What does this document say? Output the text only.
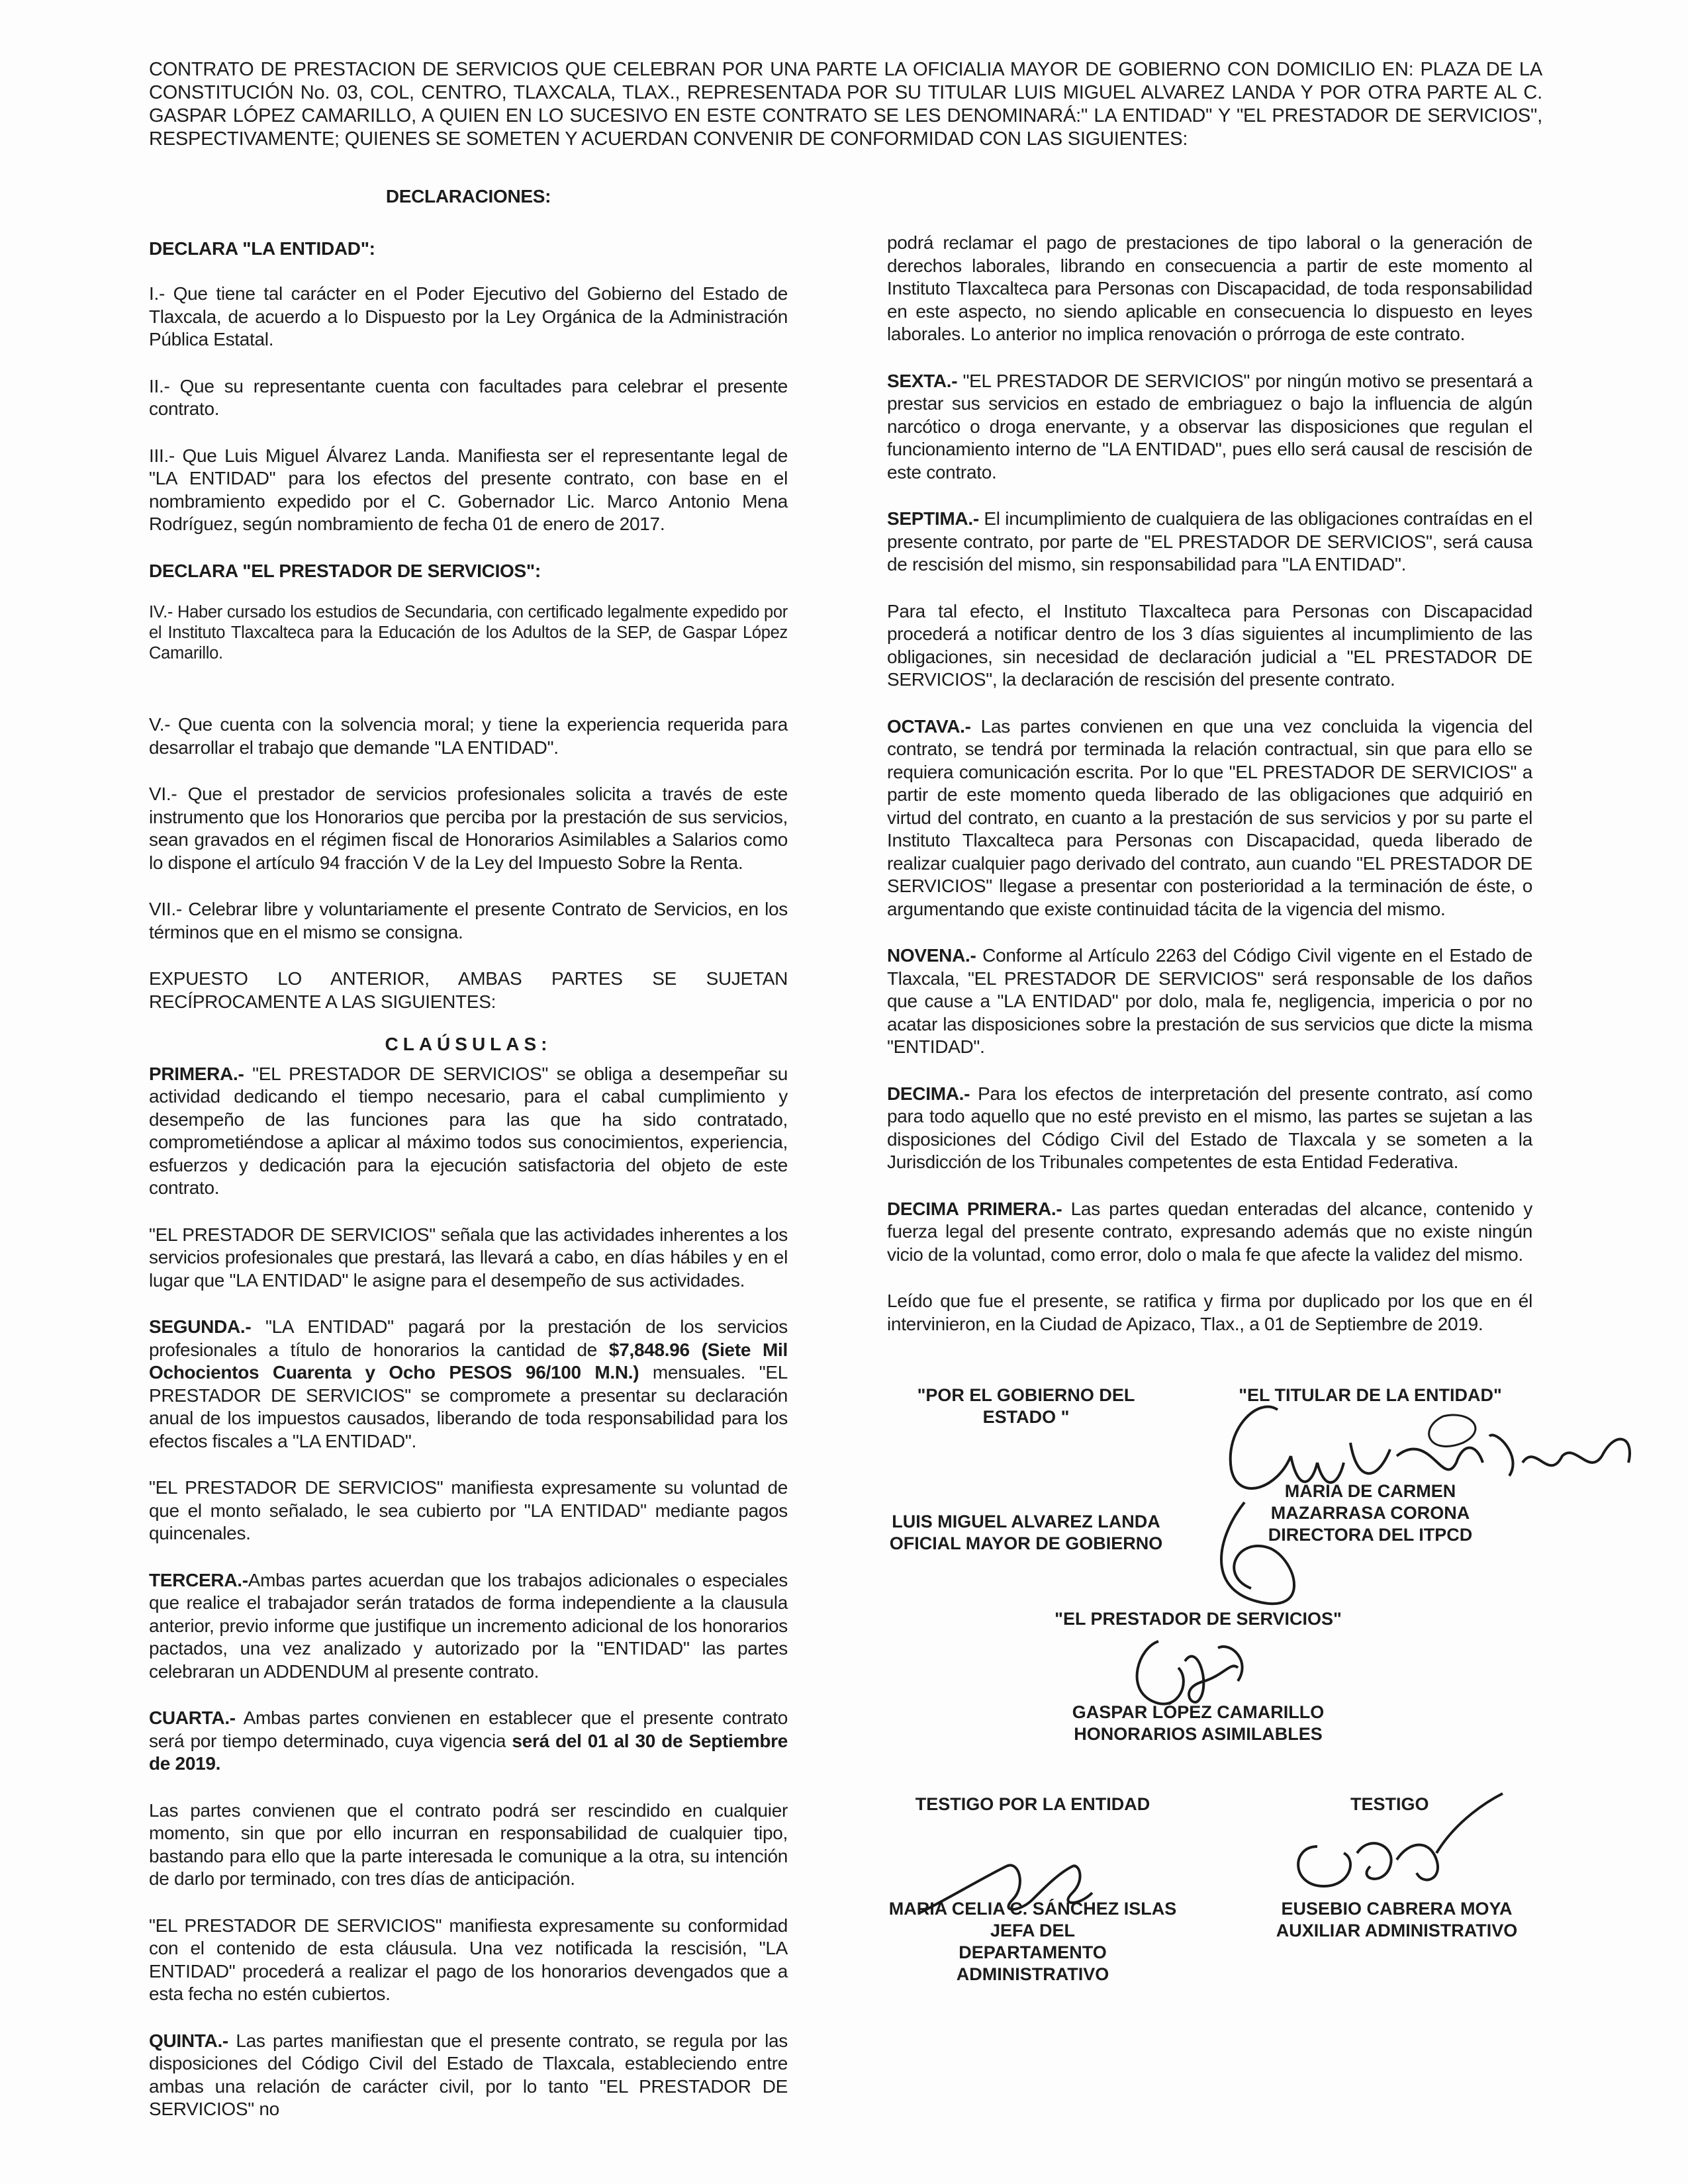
CONTRATO DE PRESTACION DE SERVICIOS QUE CELEBRAN POR UNA PARTE LA OFICIALIA MAYOR DE GOBIERNO CON DOMICILIO EN: PLAZA DE LA CONSTITUCIÓN No. 03, COL, CENTRO, TLAXCALA, TLAX., REPRESENTADA POR SU TITULAR LUIS MIGUEL ALVAREZ LANDA Y POR OTRA PARTE AL C. GASPAR LÓPEZ CAMARILLO, A QUIEN EN LO SUCESIVO EN ESTE CONTRATO SE LES DENOMINARÁ:" LA ENTIDAD" Y "EL PRESTADOR DE SERVICIOS", RESPECTIVAMENTE; QUIENES SE SOMETEN Y ACUERDAN CONVENIR DE CONFORMIDAD CON LAS SIGUIENTES:

DECLARACIONES:

DECLARA "LA ENTIDAD":

I.- Que tiene tal carácter en el Poder Ejecutivo del Gobierno del Estado de Tlaxcala, de acuerdo a lo Dispuesto por la Ley Orgánica de la Administración Pública Estatal.

II.- Que su representante cuenta con facultades para celebrar el presente contrato.

III.- Que Luis Miguel Álvarez Landa. Manifiesta ser el representante legal de "LA ENTIDAD" para los efectos del presente contrato, con base en el nombramiento expedido por el C. Gobernador Lic. Marco Antonio Mena Rodríguez, según nombramiento de fecha 01 de enero de 2017.

DECLARA "EL PRESTADOR DE SERVICIOS":

IV.- Haber cursado los estudios de Secundaria, con certificado legalmente expedido por el Instituto Tlaxcalteca para la Educación de los Adultos de la SEP, de Gaspar López Camarillo.

V.- Que cuenta con la solvencia moral; y tiene la experiencia requerida para desarrollar el trabajo que demande "LA ENTIDAD".

VI.- Que el prestador de servicios profesionales solicita a través de este instrumento que los Honorarios que perciba por la prestación de sus servicios, sean gravados en el régimen fiscal de Honorarios Asimilables a Salarios como lo dispone el artículo 94 fracción V de la Ley del Impuesto Sobre la Renta.

VII.- Celebrar libre y voluntariamente el presente Contrato de Servicios, en los términos que en el mismo se consigna.

EXPUESTO LO ANTERIOR, AMBAS PARTES SE SUJETAN RECÍPROCAMENTE A LAS SIGUIENTES:

CLAÚSULAS:

PRIMERA.- "EL PRESTADOR DE SERVICIOS" se obliga a desempeñar su actividad dedicando el tiempo necesario, para el cabal cumplimiento y desempeño de las funciones para las que ha sido contratado, comprometiéndose a aplicar al máximo todos sus conocimientos, experiencia, esfuerzos y dedicación para la ejecución satisfactoria del objeto de este contrato.

"EL PRESTADOR DE SERVICIOS" señala que las actividades inherentes a los servicios profesionales que prestará, las llevará a cabo, en días hábiles y en el lugar que "LA ENTIDAD" le asigne para el desempeño de sus actividades.

SEGUNDA.- "LA ENTIDAD" pagará por la prestación de los servicios profesionales a título de honorarios la cantidad de $7,848.96 (Siete Mil Ochocientos Cuarenta y Ocho PESOS 96/100 M.N.) mensuales. "EL PRESTADOR DE SERVICIOS" se compromete a presentar su declaración anual de los impuestos causados, liberando de toda responsabilidad para los efectos fiscales a "LA ENTIDAD".

"EL PRESTADOR DE SERVICIOS" manifiesta expresamente su voluntad de que el monto señalado, le sea cubierto por "LA ENTIDAD" mediante pagos quincenales.

TERCERA.-Ambas partes acuerdan que los trabajos adicionales o especiales que realice el trabajador serán tratados de forma independiente a la clausula anterior, previo informe que justifique un incremento adicional de los honorarios pactados, una vez analizado y autorizado por la "ENTIDAD" las partes celebraran un ADDENDUM al presente contrato.

CUARTA.- Ambas partes convienen en establecer que el presente contrato será por tiempo determinado, cuya vigencia será del 01 al 30 de Septiembre de 2019.

Las partes convienen que el contrato podrá ser rescindido en cualquier momento, sin que por ello incurran en responsabilidad de cualquier tipo, bastando para ello que la parte interesada le comunique a la otra, su intención de darlo por terminado, con tres días de anticipación.

"EL PRESTADOR DE SERVICIOS" manifiesta expresamente su conformidad con el contenido de esta cláusula. Una vez notificada la rescisión, "LA ENTIDAD" procederá a realizar el pago de los honorarios devengados que a esta fecha no estén cubiertos.

QUINTA.- Las partes manifiestan que el presente contrato, se regula por las disposiciones del Código Civil del Estado de Tlaxcala, estableciendo entre ambas una relación de carácter civil, por lo tanto "EL PRESTADOR DE SERVICIOS" no

podrá reclamar el pago de prestaciones de tipo laboral o la generación de derechos laborales, librando en consecuencia a partir de este momento al Instituto Tlaxcalteca para Personas con Discapacidad, de toda responsabilidad en este aspecto, no siendo aplicable en consecuencia lo dispuesto en leyes laborales. Lo anterior no implica renovación o prórroga de este contrato.

SEXTA.- "EL PRESTADOR DE SERVICIOS" por ningún motivo se presentará a prestar sus servicios en estado de embriaguez o bajo la influencia de algún narcótico o droga enervante, y a observar las disposiciones que regulan el funcionamiento interno de "LA ENTIDAD", pues ello será causal de rescisión de este contrato.

SEPTIMA.- El incumplimiento de cualquiera de las obligaciones contraídas en el presente contrato, por parte de "EL PRESTADOR DE SERVICIOS", será causa de rescisión del mismo, sin responsabilidad para "LA ENTIDAD".

Para tal efecto, el Instituto Tlaxcalteca para Personas con Discapacidad procederá a notificar dentro de los 3 días siguientes al incumplimiento de las obligaciones, sin necesidad de declaración judicial a "EL PRESTADOR DE SERVICIOS", la declaración de rescisión del presente contrato.

OCTAVA.- Las partes convienen en que una vez concluida la vigencia del contrato, se tendrá por terminada la relación contractual, sin que para ello se requiera comunicación escrita. Por lo que "EL PRESTADOR DE SERVICIOS" a partir de este momento queda liberado de las obligaciones que adquirió en virtud del contrato, en cuanto a la prestación de sus servicios y por su parte el Instituto Tlaxcalteca para Personas con Discapacidad, queda liberado de realizar cualquier pago derivado del contrato, aun cuando "EL PRESTADOR DE SERVICIOS" llegase a presentar con posterioridad a la terminación de éste, o argumentando que existe continuidad tácita de la vigencia del mismo.

NOVENA.- Conforme al Artículo 2263 del Código Civil vigente en el Estado de Tlaxcala, "EL PRESTADOR DE SERVICIOS" será responsable de los daños que cause a "LA ENTIDAD" por dolo, mala fe, negligencia, impericia o por no acatar las disposiciones sobre la prestación de sus servicios que dicte la misma "ENTIDAD".

DECIMA.- Para los efectos de interpretación del presente contrato, así como para todo aquello que no esté previsto en el mismo, las partes se sujetan a las disposiciones del Código Civil del Estado de Tlaxcala y se someten a la Jurisdicción de los Tribunales competentes de esta Entidad Federativa.

DECIMA PRIMERA.- Las partes quedan enteradas del alcance, contenido y fuerza legal del presente contrato, expresando además que no existe ningún vicio de la voluntad, como error, dolo o mala fe que afecte la validez del mismo.

Leído que fue el presente, se ratifica y firma por duplicado por los que en él intervinieron, en la Ciudad de Apizaco, Tlax., a 01 de Septiembre de 2019.

"POR EL GOBIERNO DEL ESTADO "
LUIS MIGUEL ALVAREZ LANDA
OFICIAL MAYOR DE GOBIERNO
"EL TITULAR DE LA ENTIDAD"
MARIA DE CARMEN MAZARRASA CORONA
DIRECTORA DEL ITPCD
"EL PRESTADOR DE SERVICIOS"
GASPAR LÓPEZ CAMARILLO
HONORARIOS ASIMILABLES
TESTIGO POR LA ENTIDAD
MARIA CELIA C. SÁNCHEZ ISLAS
JEFA DEL DEPARTAMENTO ADMINISTRATIVO
TESTIGO
EUSEBIO CABRERA MOYA
AUXILIAR ADMINISTRATIVO
